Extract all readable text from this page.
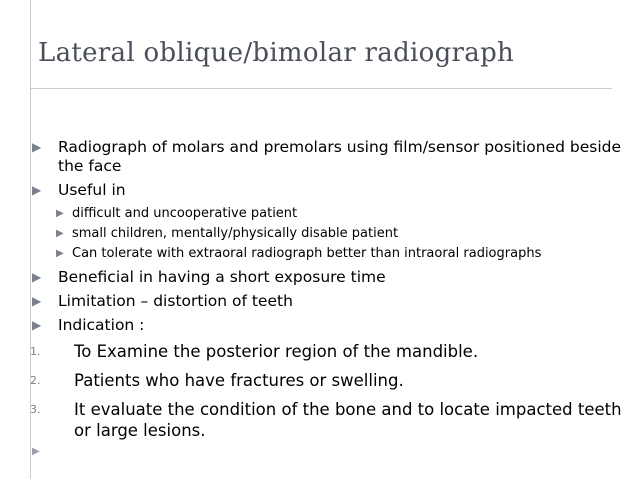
Lateral oblique/bimolar radiograph
▶	Radiograph of molars and premolars using film/sensor positioned beside the face
▶	Useful in
▶ difficult and uncooperative patient
▶ small children, mentally/physically disable patient
▶ Can tolerate with extraoral radiograph better than intraoral radiographs
▶	Beneficial in having a short exposure time
▶	Limitation – distortion of teeth
▶	Indication :
1.	To Examine the posterior region of the mandible.
2.	Patients who have fractures or swelling.
3.	It evaluate the condition of the bone and to locate impacted teeth or large lesions.
▶
